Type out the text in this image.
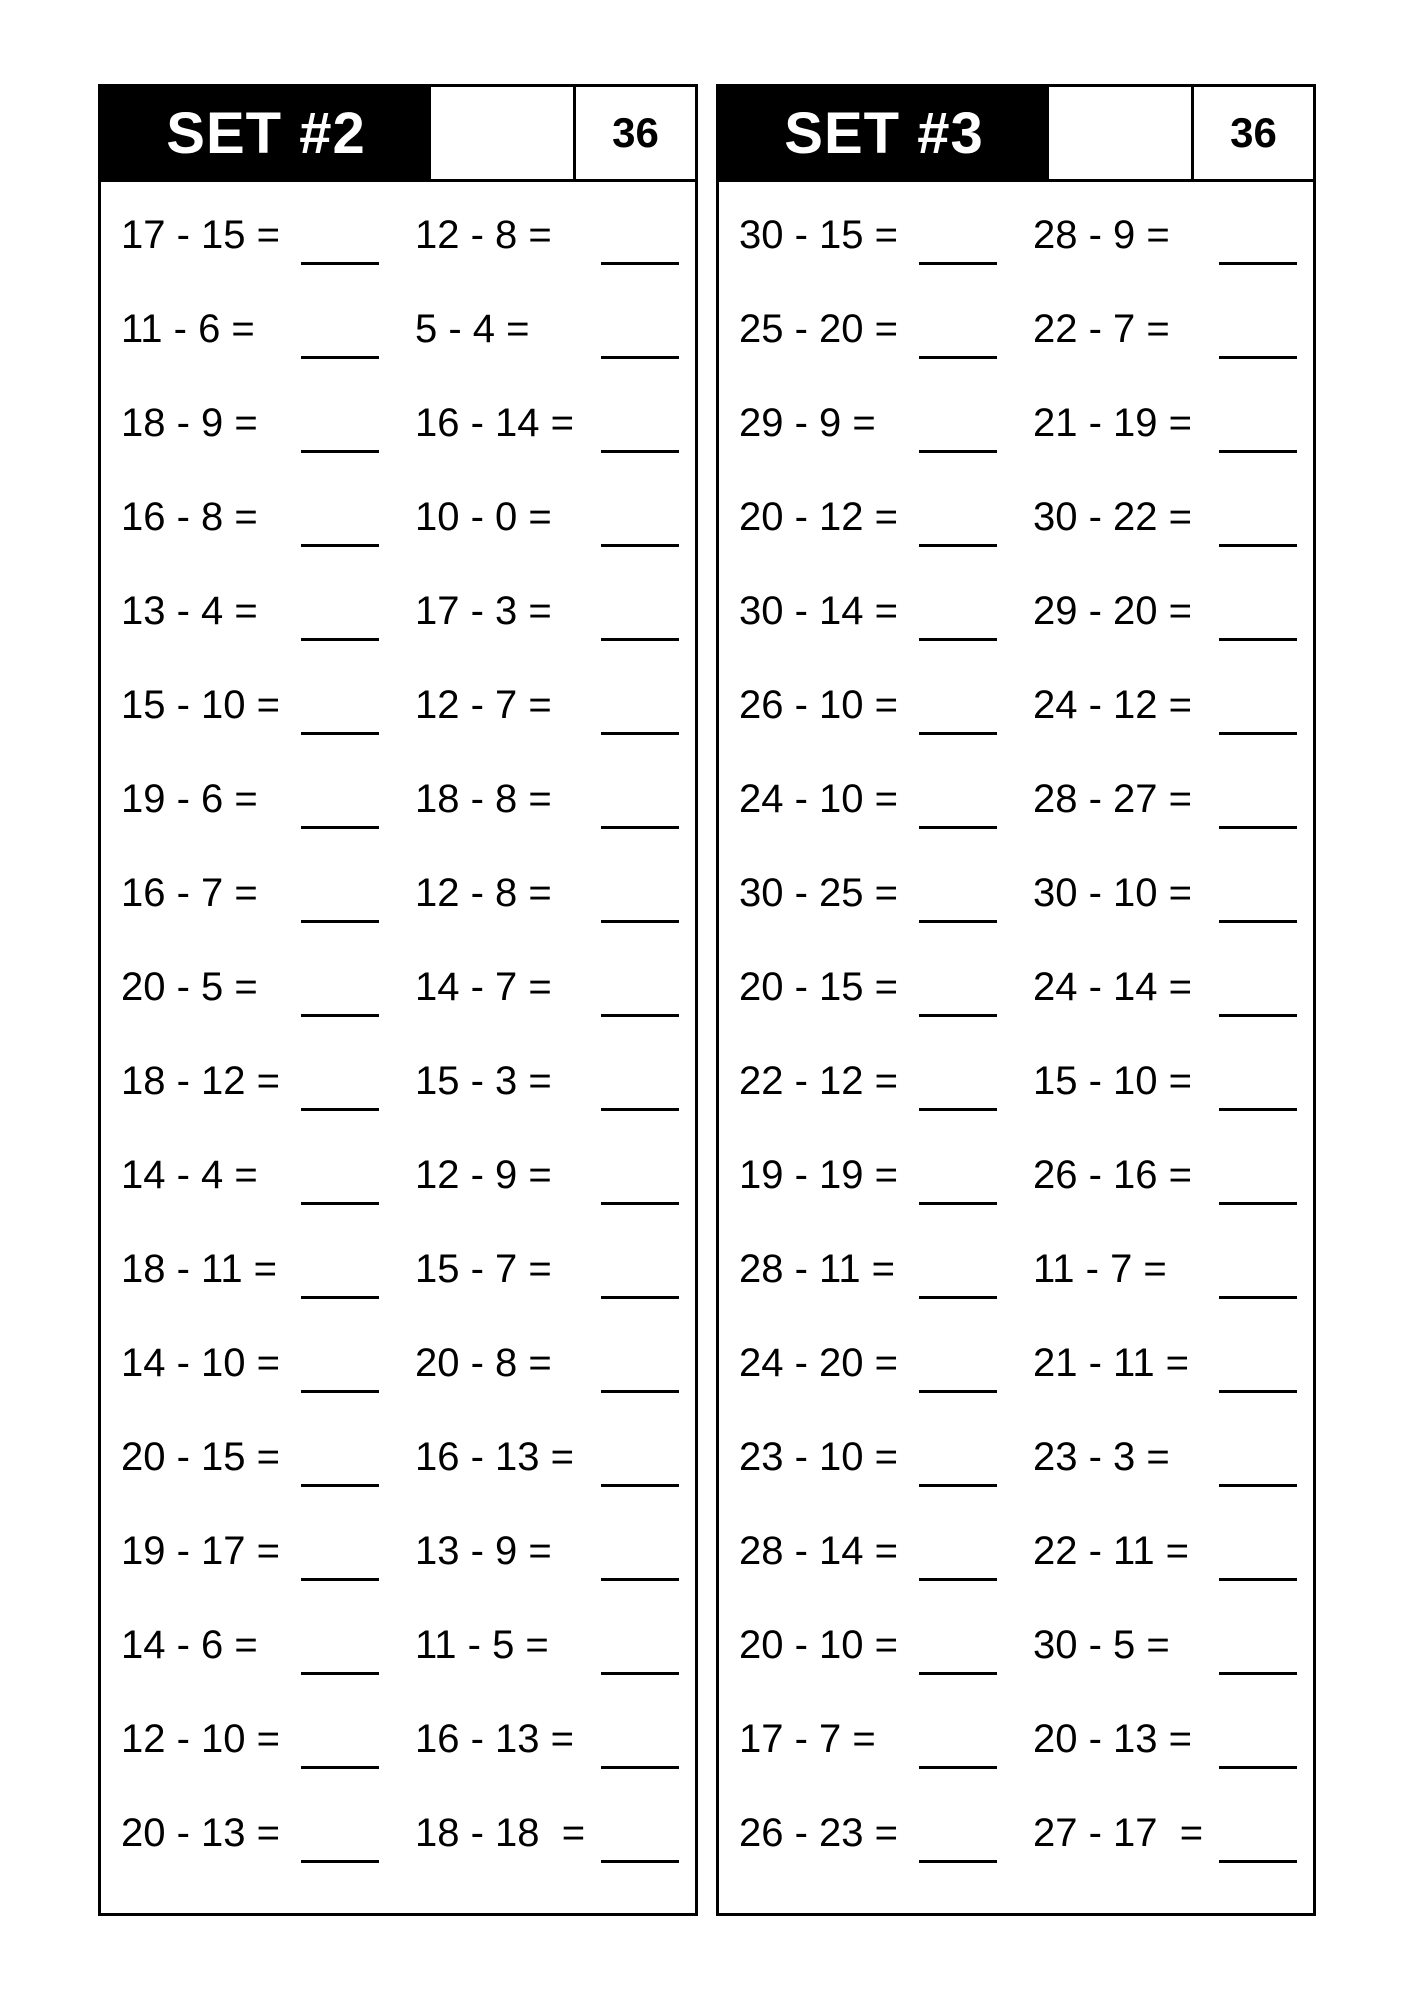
SET #2	36
17 - 15 =	12 - 8 =
11 - 6 =	5 - 4 =
18 - 9 =	16 - 14 =
16 - 8 =	10 - 0 =
13 - 4 =	17 - 3 =
15 - 10 =	12 - 7 =
19 - 6 =	18 - 8 =
16 - 7 =	12 - 8 =
20 - 5 =	14 - 7 =
18 - 12 =	15 - 3 =
14 - 4 =	12 - 9 =
18 - 11 =	15 - 7 =
14 - 10 =	20 - 8 =
20 - 15 =	16 - 13 =
19 - 17 =	13 - 9 =
14 - 6 =	11 - 5 =
12 - 10 =	16 - 13 =
20 - 13 =	18 - 18  =
SET #3	36
30 - 15 =	28 - 9 =
25 - 20 =	22 - 7 =
29 - 9 =	21 - 19 =
20 - 12 =	30 - 22 =
30 - 14 =	29 - 20 =
26 - 10 =	24 - 12 =
24 - 10 =	28 - 27 =
30 - 25 =	30 - 10 =
20 - 15 =	24 - 14 =
22 - 12 =	15 - 10 =
19 - 19 =	26 - 16 =
28 - 11 =	11 - 7 =
24 - 20 =	21 - 11 =
23 - 10 =	23 - 3 =
28 - 14 =	22 - 11 =
20 - 10 =	30 - 5 =
17 - 7 =	20 - 13 =
26 - 23 =	27 - 17  =
